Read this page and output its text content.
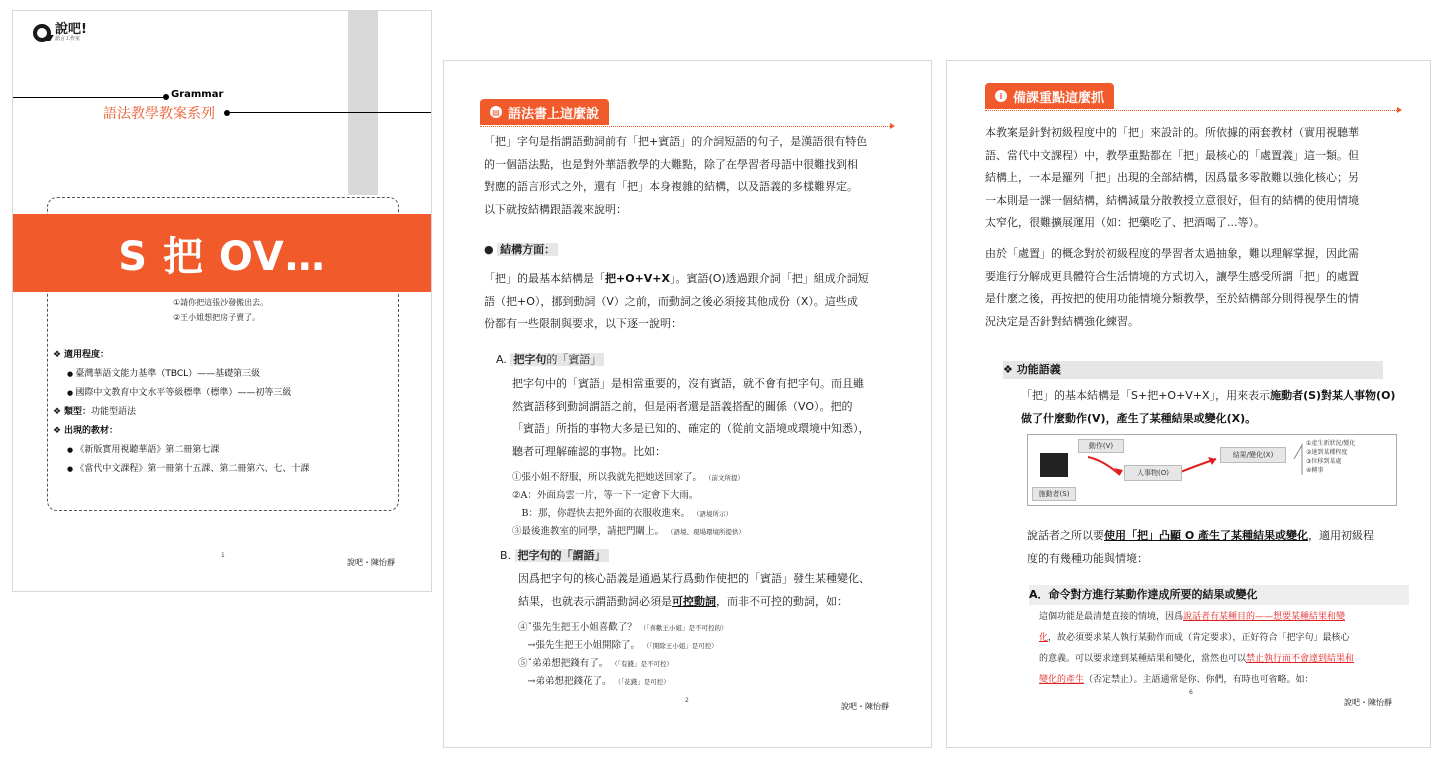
說吧!
語言工作室
Grammar
語法教學教案系列
S 把 OV…
①請你把這張沙發搬出去。
②王小姐想把房子賣了。
❖ 適用程度：
● 臺灣華語文能力基準（TBCL）——基礎第三級
● 國際中文教育中文水平等級標準（標準）——初等三級
❖ 類型：功能型語法
❖ 出現的教材：
● 《新版實用視聽華語》第二冊第七課
● 《當代中文課程》第一冊第十五課、第二冊第六、七、十課
1
說吧・陳怡靜
▤ 語法書上這麼說
「把」字句是指謂語動詞前有「把+賓語」的介詞短語的句子，是漢語很有特色
的一個語法點，也是對外華語教學的大難點，除了在學習者母語中很難找到相
對應的語言形式之外，還有「把」本身複雜的結構，以及語義的多樣難界定。
以下就按結構跟語義來說明：
● 結構方面：
「把」的最基本結構是「把+O+V+X」。賓語(O)透過跟介詞「把」組成介詞短
語（把+O），挪到動詞（V）之前，而動詞之後必須接其他成份（X）。這些成
份都有一些限制與要求，以下逐一說明：
A. 把字句的「賓語」
把字句中的「賓語」是相當重要的，沒有賓語，就不會有把字句。而且雖
然賓語移到動詞謂語之前，但是兩者還是語義搭配的關係（VO）。把的
「賓語」所指的事物大多是已知的、確定的（從前文語境或環境中知悉），
聽者可理解確認的事物。比如：
①張小姐不舒服，所以我就先把她送回家了。 （前文所提）
②A：外面烏雲一片，等一下一定會下大雨。
　B：那，你趕快去把外面的衣服收進來。 （語境所示）
③最後進教室的同學，請把門關上。 （語境、現場環境所提供）
B. 把字句的「謂語」
因爲把字句的核心語義是通過某行爲動作使把的「賓語」發生某種變化、
結果，也就表示謂語動詞必須是可控動詞，而非不可控的動詞，如：
④ˇ張先生把王小姐喜歡了？ （「喜歡王小姐」是不可控的）
　→張先生把王小姐開除了。 （「開除王小姐」是可控）
⑤ˇ弟弟想把錢有了。 （「有錢」是不可控）
　→弟弟想把錢花了。 （「花錢」是可控）
2
說吧・陳怡靜
i 備課重點這麼抓
本教案是針對初級程度中的「把」來設計的。所依據的兩套教材（實用視聽華
語、當代中文課程）中，教學重點都在「把」最核心的「處置義」這一類。但
結構上，一本是羅列「把」出現的全部結構，因爲量多零散難以強化核心；另
一本則是一課一個結構，結構減量分散教授立意很好，但有的結構的使用情境
太窄化，很難擴展運用（如：把藥吃了、把酒喝了...等）。
由於「處置」的概念對於初級程度的學習者太過抽象，難以理解掌握，因此需
要進行分解成更具體符合生活情境的方式切入，讓學生感受所謂「把」的處置
是什麼之後，再按把的使用功能情境分類教學，至於結構部分則得視學生的情
況決定是否針對結構強化練習。
❖ 功能語義
「把」的基本結構是「S+把+O+V+X」，用來表示施動者(S)對某人事物(O)
做了什麼動作(V)，產生了某種結果或變化(X)。
動作(V)
人事物(O)
結果/變化(X)
施動者(S)
①產生新狀況/變化
②達到某種程度
③位移到某處
④轉事
說話者之所以要使用「把」凸顯 O 產生了某種結果或變化，適用初級程
度的有幾種功能與情境：
A．命令對方進行某動作達成所要的結果或變化
這個功能是最清楚直接的情境，因爲說話者有某種目的——想要某種結果和變
化，故必須要求某人執行某動作而成（肯定要求），正好符合「把字句」最核心
的意義。可以要求達到某種結果和變化，當然也可以禁止執行而不會達到結果和
變化的產生（否定禁止）。主語通常是你、你們，有時也可省略。如：
6
說吧・陳怡靜
